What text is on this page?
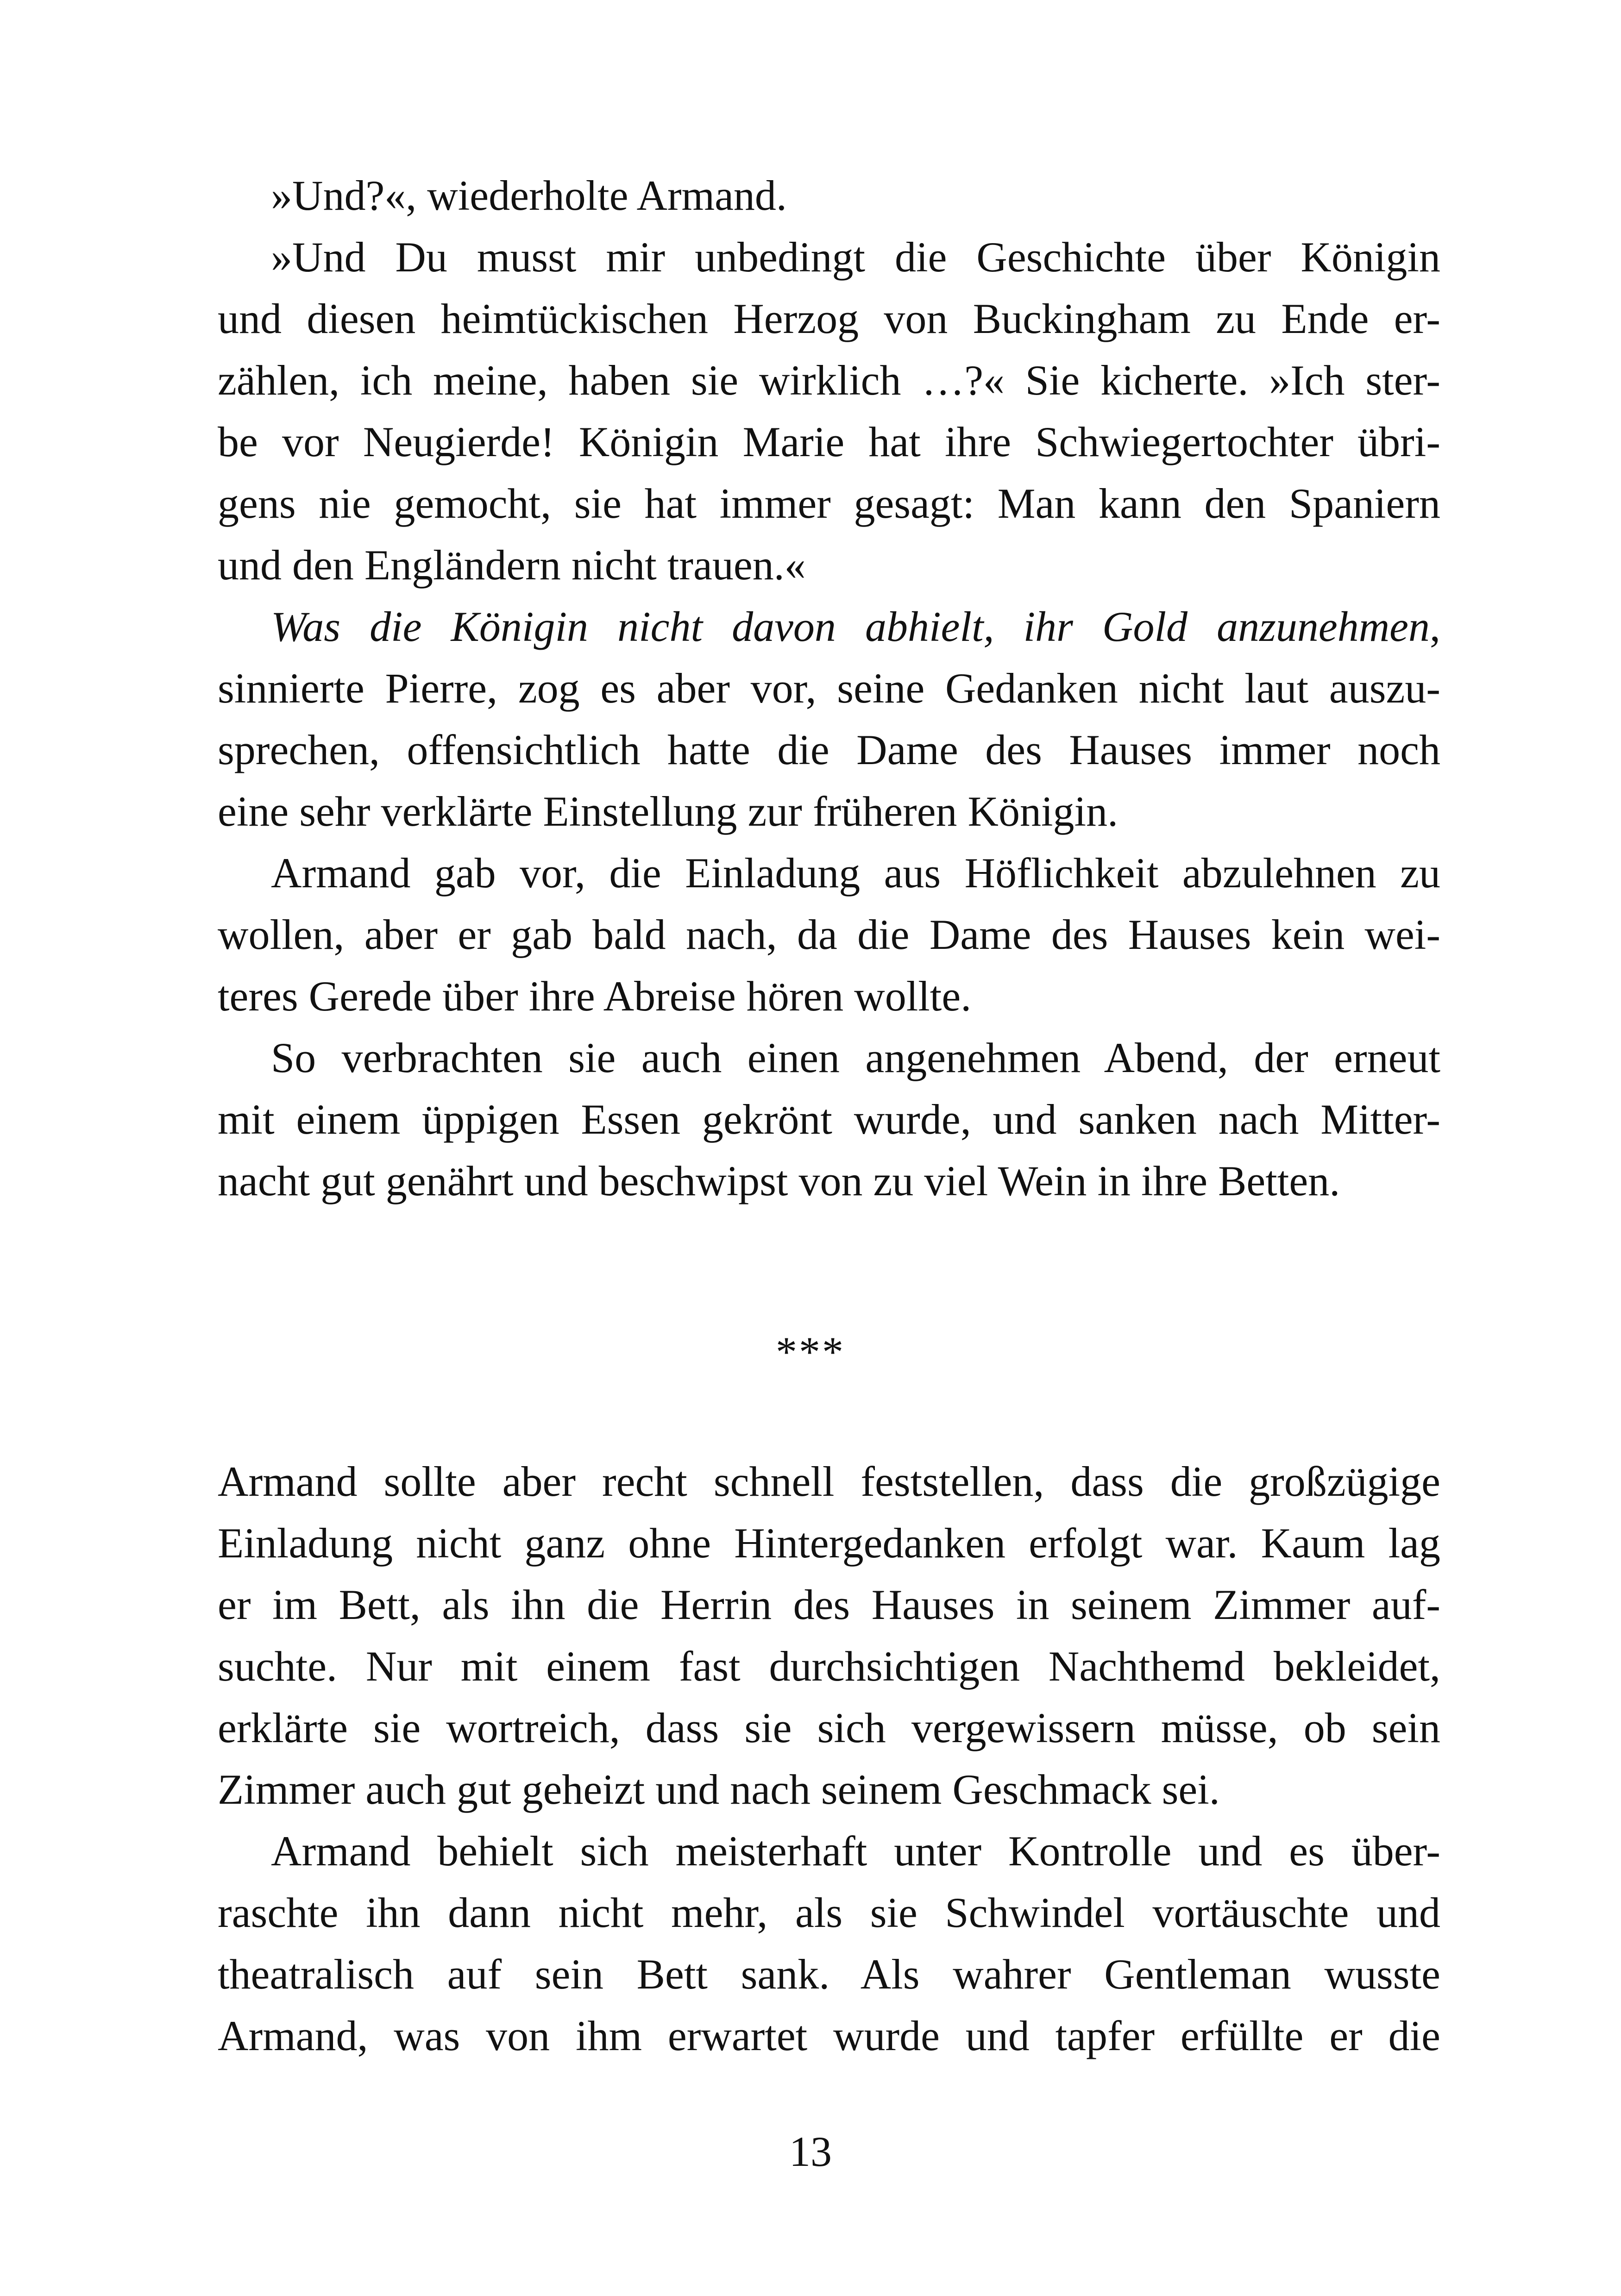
»Und?«, wiederholte Armand.
»Und Du musst mir unbedingt die Geschichte über Königin
und diesen heimtückischen Herzog von Buckingham zu Ende er-
zählen, ich meine, haben sie wirklich …?« Sie kicherte. »Ich ster-
be vor Neugierde! Königin Marie hat ihre Schwiegertochter übri-
gens nie gemocht, sie hat immer gesagt: Man kann den Spaniern
und den Engländern nicht trauen.«
Was die Königin nicht davon abhielt, ihr Gold anzunehmen,
sinnierte Pierre, zog es aber vor, seine Gedanken nicht laut auszu-
sprechen, offensichtlich hatte die Dame des Hauses immer noch
eine sehr verklärte Einstellung zur früheren Königin.
Armand gab vor, die Einladung aus Höflichkeit abzulehnen zu
wollen, aber er gab bald nach, da die Dame des Hauses kein wei-
teres Gerede über ihre Abreise hören wollte.
So verbrachten sie auch einen angenehmen Abend, der erneut
mit einem üppigen Essen gekrönt wurde, und sanken nach Mitter-
nacht gut genährt und beschwipst von zu viel Wein in ihre Betten.
***
Armand sollte aber recht schnell feststellen, dass die großzügige
Einladung nicht ganz ohne Hintergedanken erfolgt war. Kaum lag
er im Bett, als ihn die Herrin des Hauses in seinem Zimmer auf-
suchte. Nur mit einem fast durchsichtigen Nachthemd bekleidet,
erklärte sie wortreich, dass sie sich vergewissern müsse, ob sein
Zimmer auch gut geheizt und nach seinem Geschmack sei.
Armand behielt sich meisterhaft unter Kontrolle und es über-
raschte ihn dann nicht mehr, als sie Schwindel vortäuschte und
theatralisch auf sein Bett sank. Als wahrer Gentleman wusste
Armand, was von ihm erwartet wurde und tapfer erfüllte er die
13
